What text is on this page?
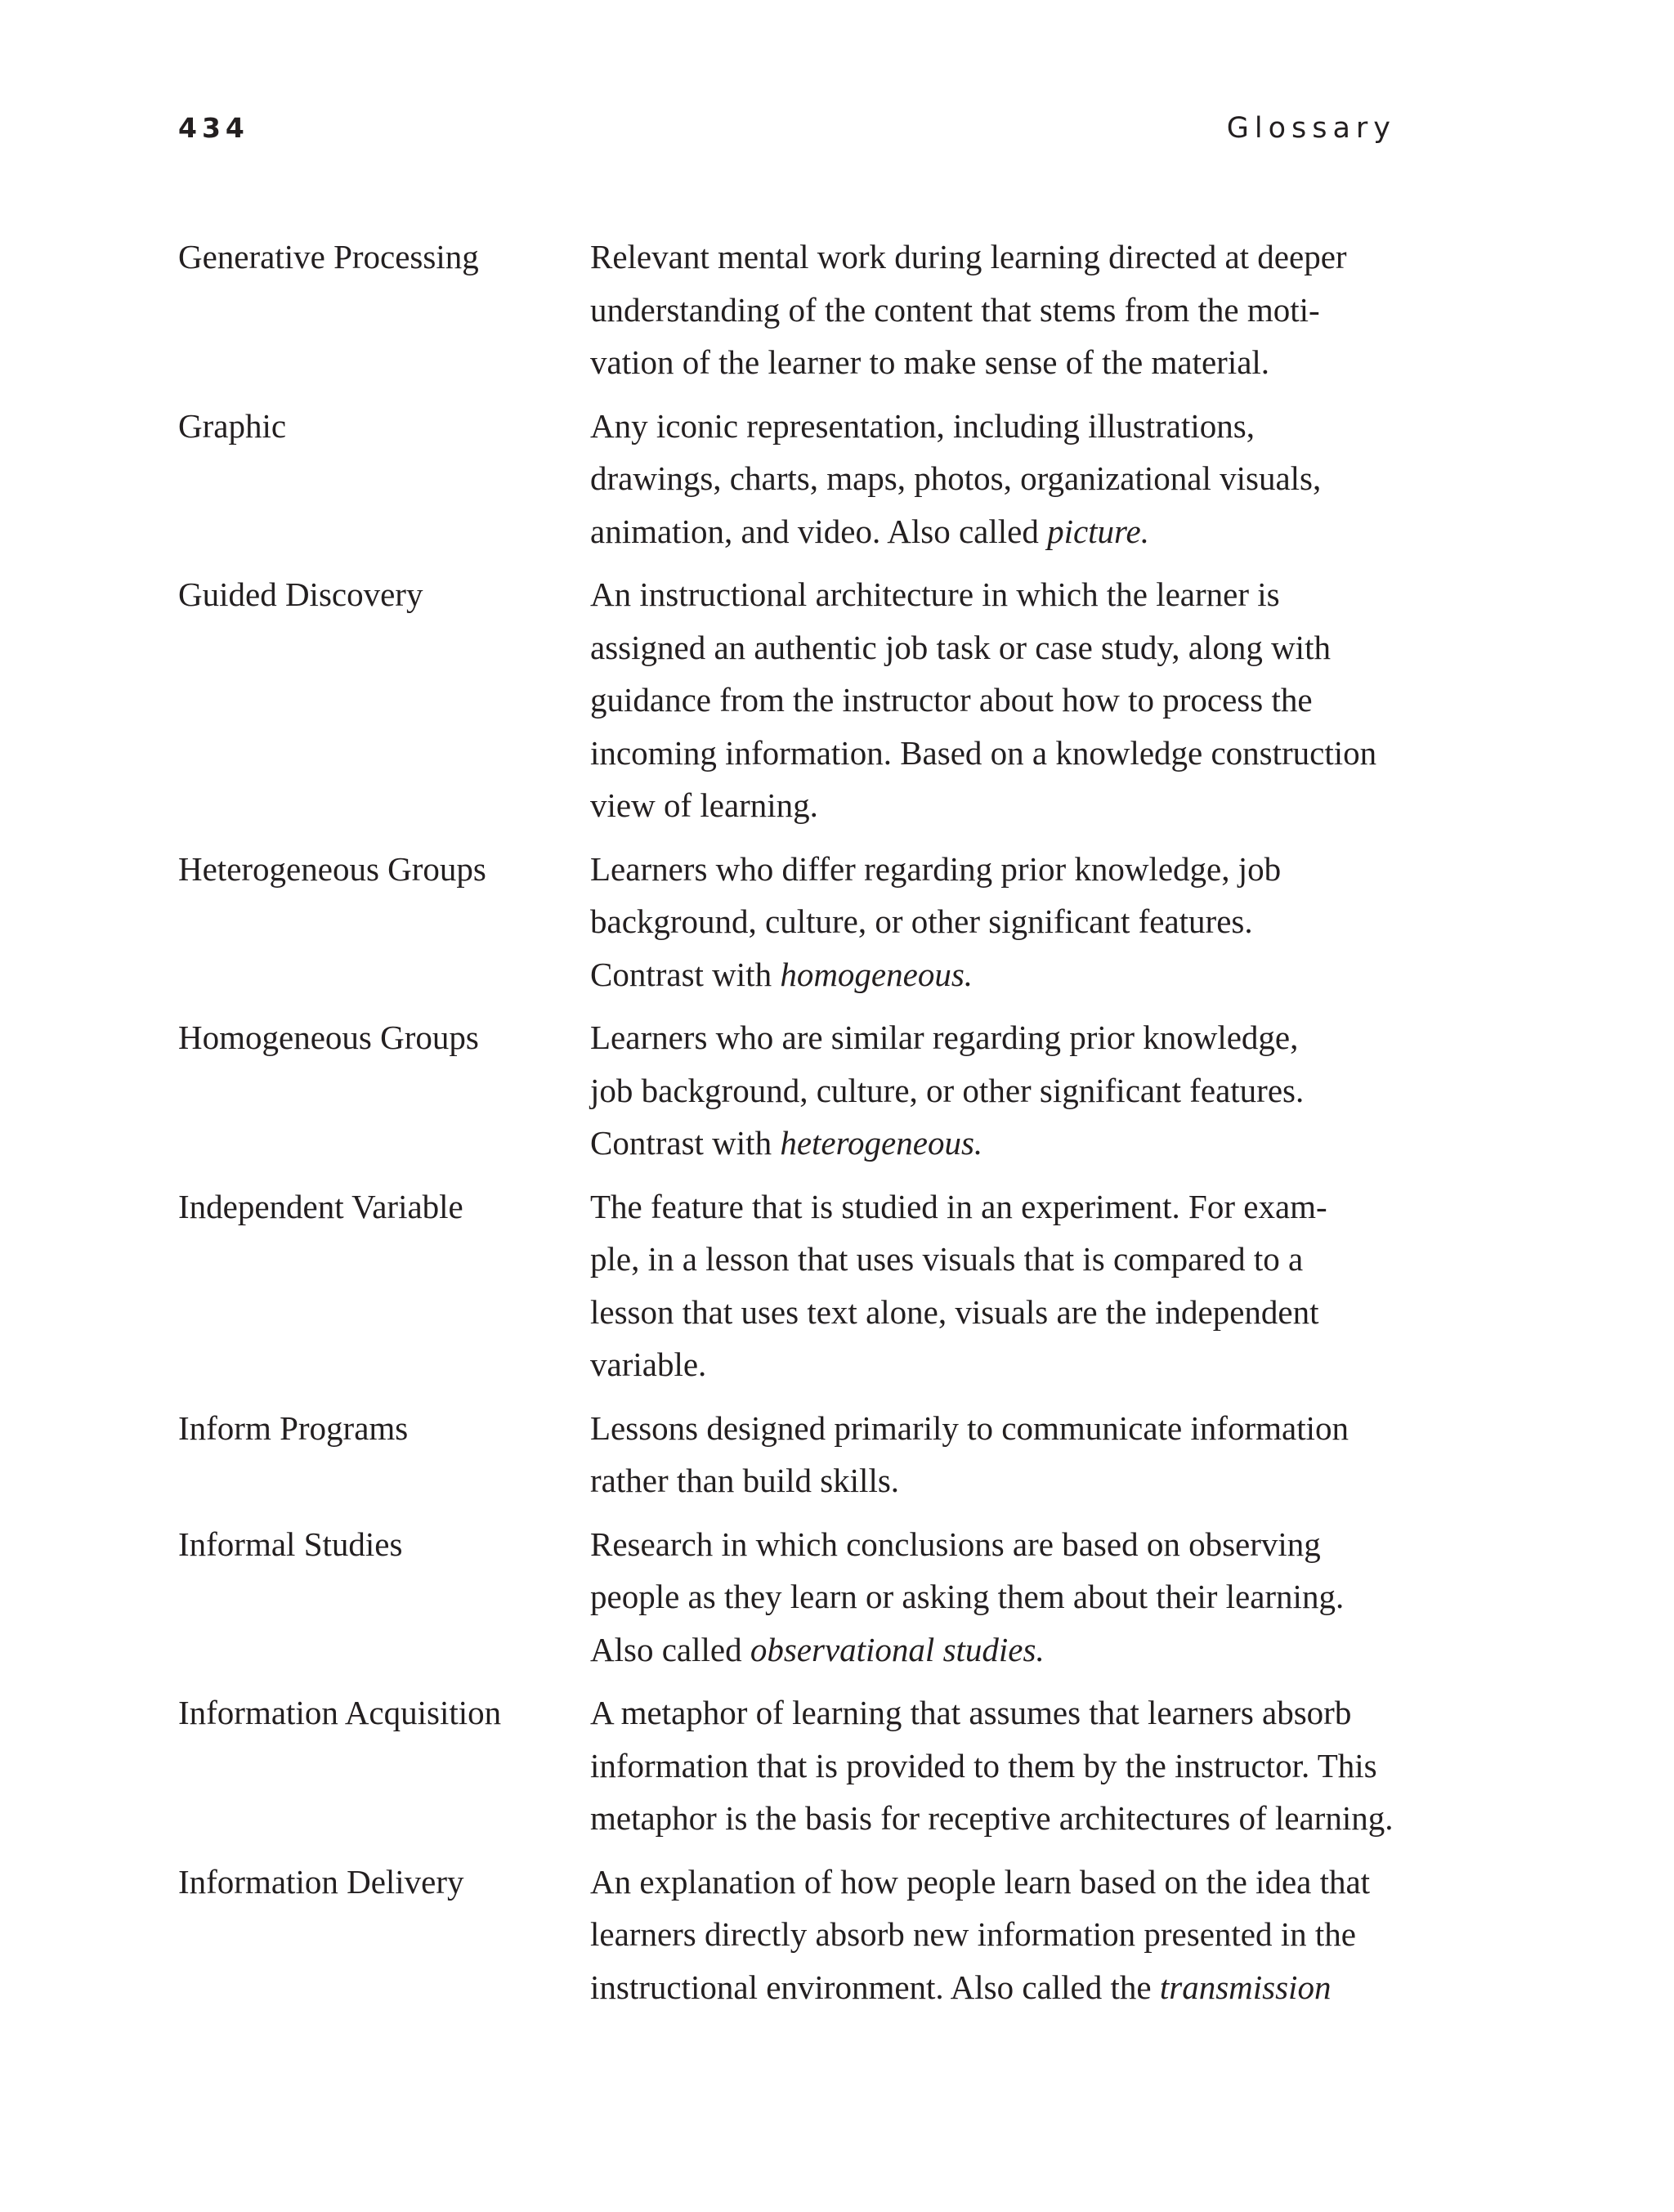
434	Glossary
Generative Processing	Relevant mental work during learning directed at deeper
understanding of the content that stems from the moti-
vation of the learner to make sense of the material.
Graphic	Any iconic representation, including illustrations,
drawings, charts, maps, photos, organizational visuals,
animation, and video. Also called picture.
Guided Discovery	An instructional architecture in which the learner is
assigned an authentic job task or case study, along with
guidance from the instructor about how to process the
incoming information. Based on a knowledge construction
view of learning.
Heterogeneous Groups	Learners who differ regarding prior knowledge, job
background, culture, or other significant features.
Contrast with homogeneous.
Homogeneous Groups	Learners who are similar regarding prior knowledge,
job background, culture, or other significant features.
Contrast with heterogeneous.
Independent Variable	The feature that is studied in an experiment. For exam-
ple, in a lesson that uses visuals that is compared to a
lesson that uses text alone, visuals are the independent
variable.
Inform Programs	Lessons designed primarily to communicate information
rather than build skills.
Informal Studies	Research in which conclusions are based on observing
people as they learn or asking them about their learning.
Also called observational studies.
Information Acquisition	A metaphor of learning that assumes that learners absorb
information that is provided to them by the instructor. This
metaphor is the basis for receptive architectures of learning.
Information Delivery	An explanation of how people learn based on the idea that
learners directly absorb new information presented in the
instructional environment. Also called the transmission
